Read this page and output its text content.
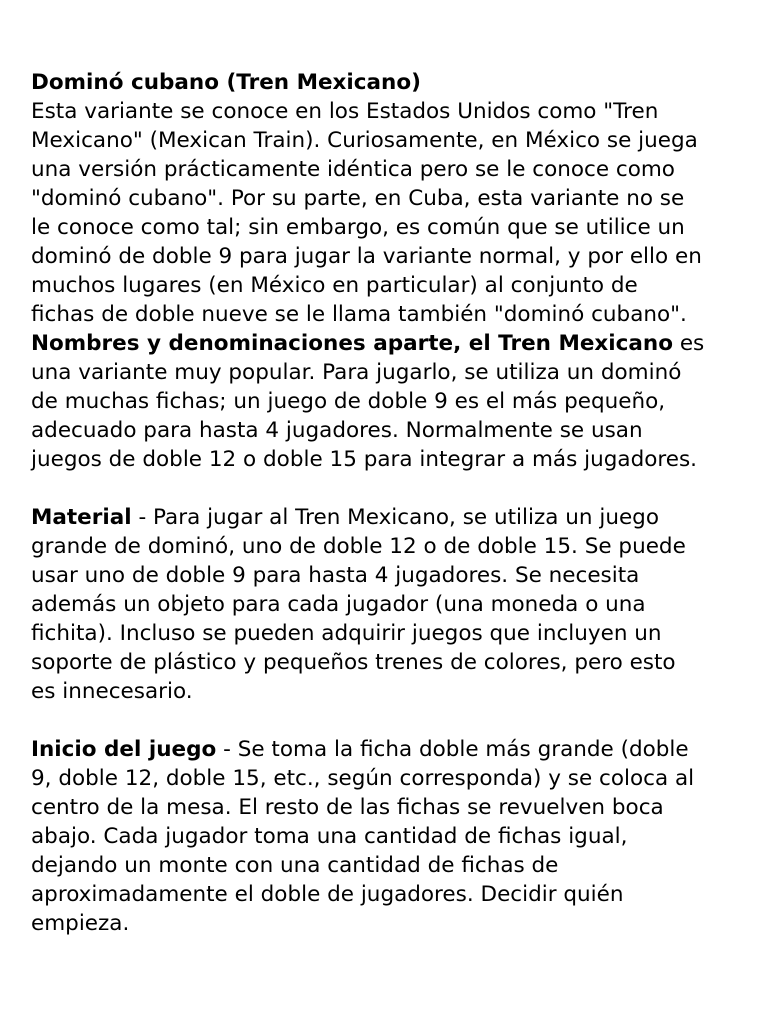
Dominó cubano (Tren Mexicano)
Esta variante se conoce en los Estados Unidos como "Tren
Mexicano" (Mexican Train). Curiosamente, en México se juega
una versión prácticamente idéntica pero se le conoce como
"dominó cubano". Por su parte, en Cuba, esta variante no se
le conoce como tal; sin embargo, es común que se utilice un
dominó de doble 9 para jugar la variante normal, y por ello en
muchos lugares (en México en particular) al conjunto de
fichas de doble nueve se le llama también "dominó cubano".
Nombres y denominaciones aparte, el Tren Mexicano es
una variante muy popular. Para jugarlo, se utiliza un dominó
de muchas fichas; un juego de doble 9 es el más pequeño,
adecuado para hasta 4 jugadores. Normalmente se usan
juegos de doble 12 o doble 15 para integrar a más jugadores.
Material - Para jugar al Tren Mexicano, se utiliza un juego
grande de dominó, uno de doble 12 o de doble 15. Se puede
usar uno de doble 9 para hasta 4 jugadores. Se necesita
además un objeto para cada jugador (una moneda o una
fichita). Incluso se pueden adquirir juegos que incluyen un
soporte de plástico y pequeños trenes de colores, pero esto
es innecesario.
Inicio del juego - Se toma la ficha doble más grande (doble
9, doble 12, doble 15, etc., según corresponda) y se coloca al
centro de la mesa. El resto de las fichas se revuelven boca
abajo. Cada jugador toma una cantidad de fichas igual,
dejando un monte con una cantidad de fichas de
aproximadamente el doble de jugadores. Decidir quién
empieza.
